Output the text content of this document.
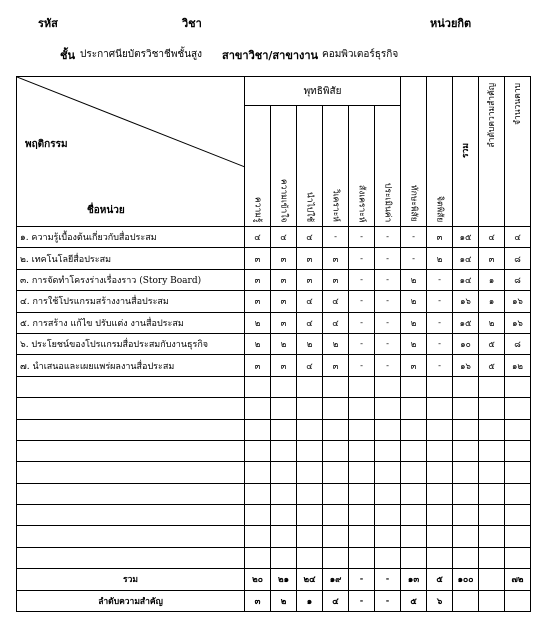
รหัส	วิชา	หน่วยกิต
ชั้น ประกาศนียบัตรวิชาชีพชั้นสูง สาขาวิชา/สาขางาน คอมพิวเตอร์ธุรกิจ
พฤติกรรม
ชื่อหน่วย	พุทธิพิสัย						ทักษะพิสัย	จิตพิสัย	รวม	ลำดับความสำคัญ	จำนวนคาบ

	ความรู้	ความเข้าใจ	นำไปใช้	วิเคราะห์	สังเคราะห์	ประเมินค่า					

๑. ความรู้เบื้องต้นเกี่ยวกับสื่อประสม	๔	๔	๔	-	-	-	-	๓	๑๕	๔	๔
๒. เทคโนโลยีสื่อประสม	๓	๓	๓	๓	-	-	-	๒	๑๔	๓	๘
๓. การจัดทำโครงร่างเรื่องราว (Story Board)	๓	๓	๓	๓	-	-	๒	-	๑๔	๑	๘
๔. การใช้โปรแกรมสร้างงานสื่อประสม	๓	๓	๔	๔	-	-	๒	-	๑๖	๑	๑๖
๕. การสร้าง แก้ไข ปรับแต่ง งานสื่อประสม	๒	๓	๔	๔	-	-	๒	-	๑๕	๒	๑๖
๖. ประโยชน์ของโปรแกรมสื่อประสมกับงานธุรกิจ	๒	๒	๒	๒	-	-	๒	-	๑๐	๕	๘
๗. นำเสนอและเผยแพร่ผลงานสื่อประสม	๓	๓	๔	๓	-	-	๓	-	๑๖	๕	๑๒

รวม	๒๐	๒๑	๒๔	๑๙	-	-	๑๓	๕	๑๐๐		๗๒
ลำดับความสำคัญ	๓	๒	๑	๔	-	-	๕	๖			
